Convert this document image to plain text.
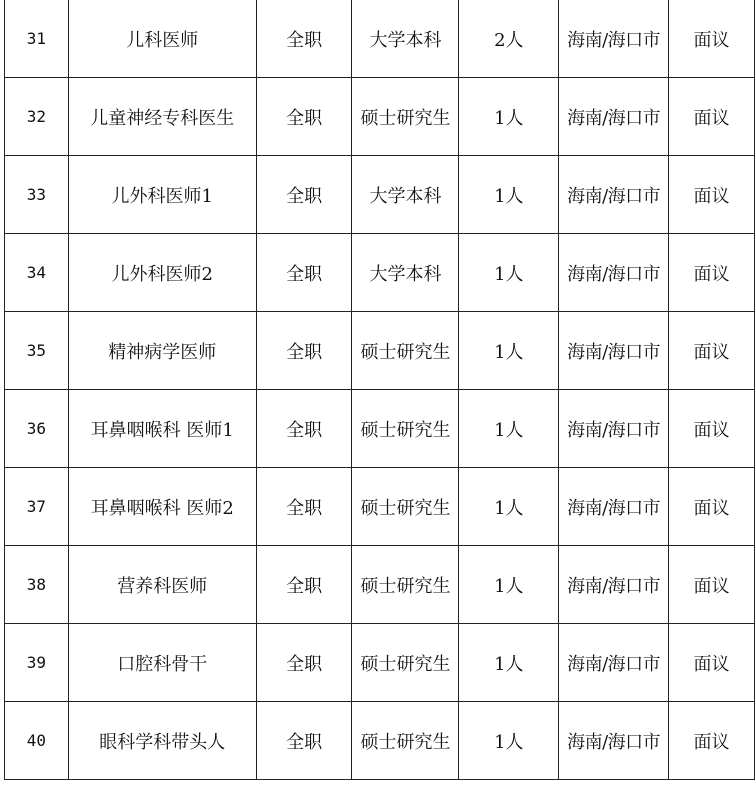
31	儿科医师	全职	大学本科	2人	海南/海口市	面议
32	儿童神经专科医生	全职	硕士研究生	1人	海南/海口市	面议
33	儿外科医师1	全职	大学本科	1人	海南/海口市	面议
34	儿外科医师2	全职	大学本科	1人	海南/海口市	面议
35	精神病学医师	全职	硕士研究生	1人	海南/海口市	面议
36	耳鼻咽喉科 医师1	全职	硕士研究生	1人	海南/海口市	面议
37	耳鼻咽喉科 医师2	全职	硕士研究生	1人	海南/海口市	面议
38	营养科医师	全职	硕士研究生	1人	海南/海口市	面议
39	口腔科骨干	全职	硕士研究生	1人	海南/海口市	面议
40	眼科学科带头人	全职	硕士研究生	1人	海南/海口市	面议
